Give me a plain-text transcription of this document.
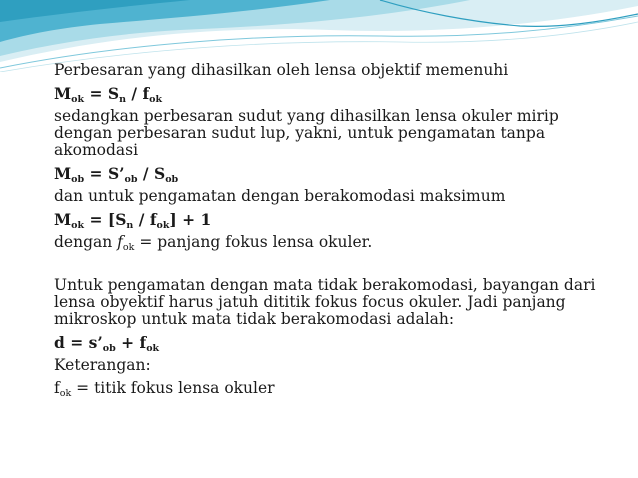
Perbesaran yang dihasilkan oleh lensa objektif memenuhi
$M_{ok} = S_n / f_{ok}$
sedangkan perbesaran sudut yang dihasilkan lensa okuler mirip dengan perbesaran sudut lup, yakni, untuk pengamatan tanpa akomodasi
$M_{ob}$ = $S’_{ob} / S_{ob}$
dan untuk pengamatan dengan berakomodasi maksimum
$M_{ok} = [S_n / f_{ok}] + 1$
dengan $f_{ok}$ = panjang fokus lensa okuler.
Untuk pengamatan dengan mata tidak berakomodasi, bayangan dari lensa obyektif harus jatuh dititik fokus focus okuler. Jadi panjang mikroskop untuk mata tidak berakomodasi adalah:
$d = s’_{ob} + f_{ok}$
Keterangan:
$f_{ok}$ = titik fokus lensa okuler
